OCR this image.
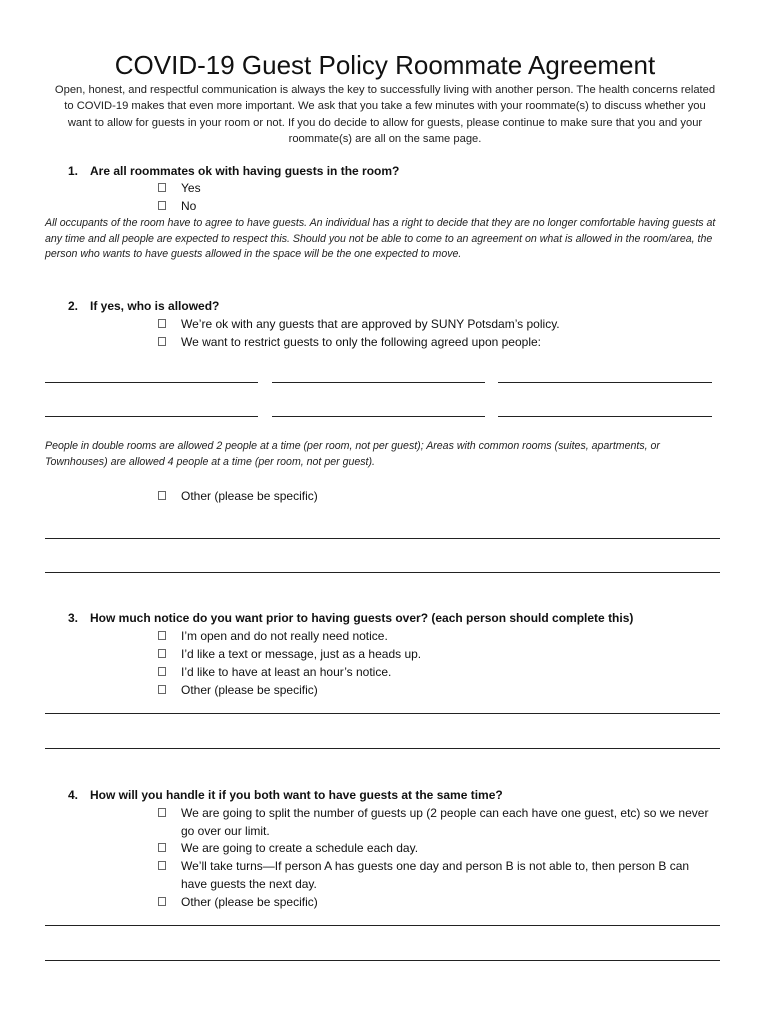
COVID-19 Guest Policy Roommate Agreement
Open, honest, and respectful communication is always the key to successfully living with another person. The health concerns related to COVID-19 makes that even more important. We ask that you take a few minutes with your roommate(s) to discuss whether you want to allow for guests in your room or not. If you do decide to allow for guests, please continue to make sure that you and your roommate(s) are all on the same page.
1. Are all roommates ok with having guests in the room?
Yes
No
All occupants of the room have to agree to have guests. An individual has a right to decide that they are no longer comfortable having guests at any time and all people are expected to respect this. Should you not be able to come to an agreement on what is allowed in the room/area, the person who wants to have guests allowed in the space will be the one expected to move.
2. If yes, who is allowed?
We’re ok with any guests that are approved by SUNY Potsdam’s policy.
We want to restrict guests to only the following agreed upon people:
People in double rooms are allowed 2 people at a time (per room, not per guest); Areas with common rooms (suites, apartments, or Townhouses) are allowed 4 people at a time (per room, not per guest).
Other (please be specific)
3. How much notice do you want prior to having guests over? (each person should complete this)
I’m open and do not really need notice.
I’d like a text or message, just as a heads up.
I’d like to have at least an hour’s notice.
Other (please be specific)
4. How will you handle it if you both want to have guests at the same time?
We are going to split the number of guests up (2 people can each have one guest, etc) so we never go over our limit.
We are going to create a schedule each day.
We’ll take turns—If person A has guests one day and person B is not able to, then person B can have guests the next day.
Other (please be specific)
